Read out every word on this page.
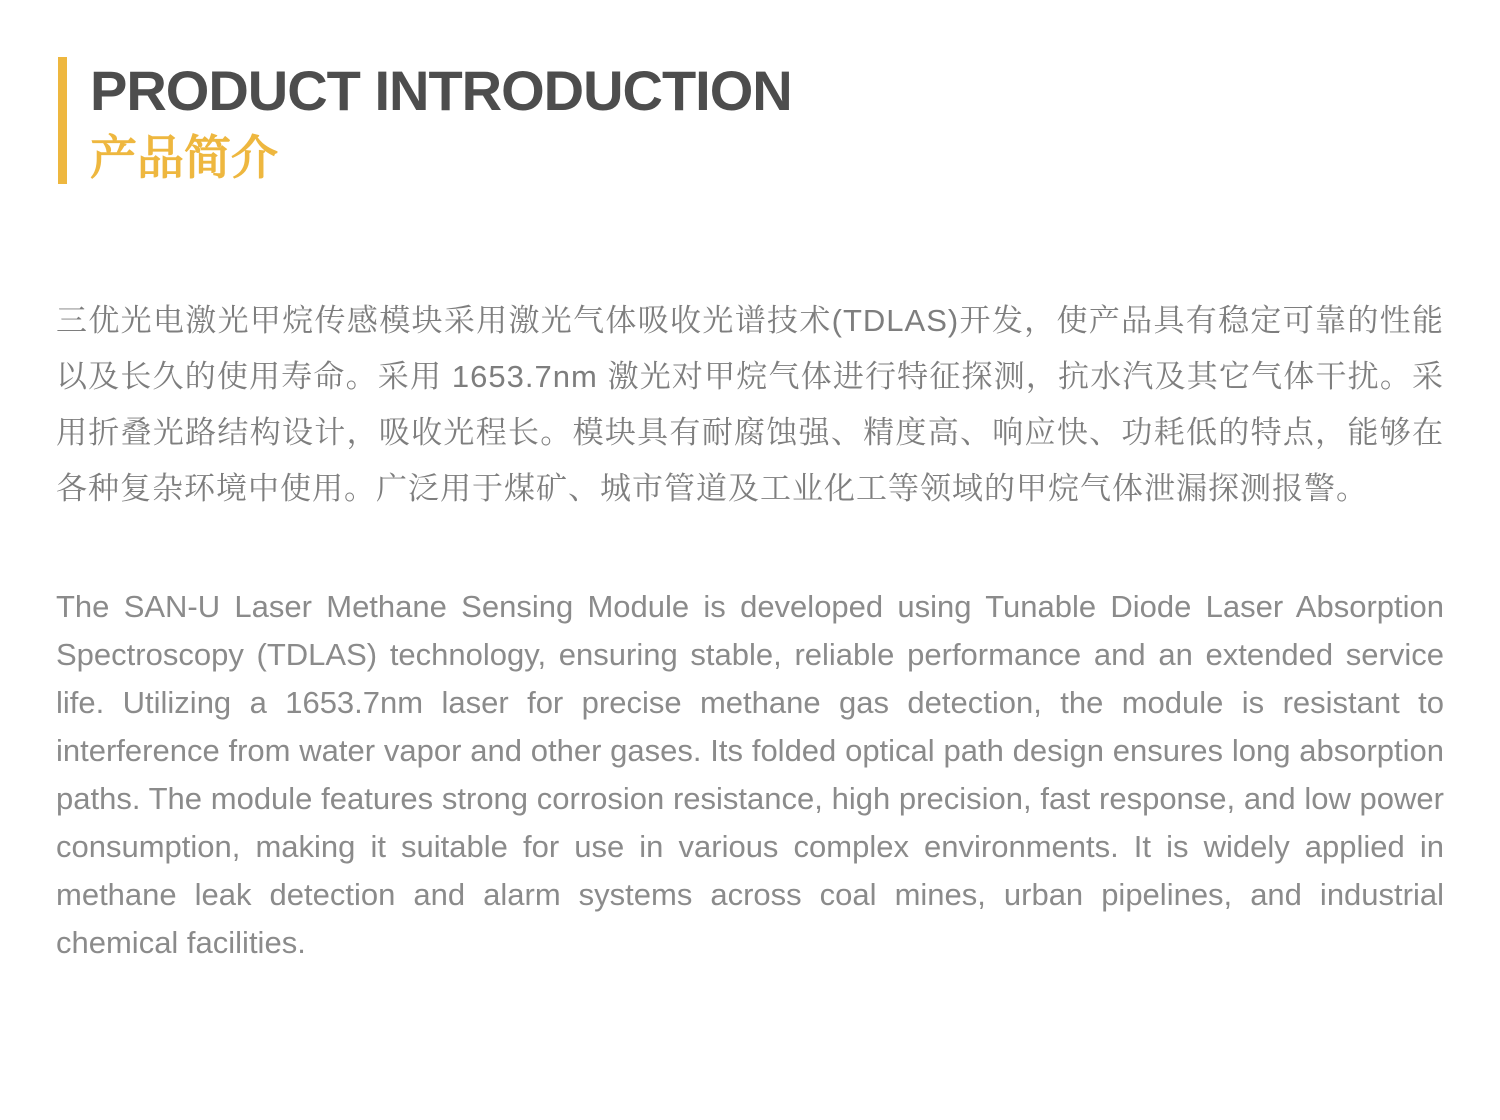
PRODUCT INTRODUCTION
产品简介

三优光电激光甲烷传感模块采用激光气体吸收光谱技术(TDLAS)开发，使产品具有稳定可靠的性能以及长久的使用寿命。采用 1653.7nm 激光对甲烷气体进行特征探测，抗水汽及其它气体干扰。采用折叠光路结构设计，吸收光程长。模块具有耐腐蚀强、精度高、响应快、功耗低的特点，能够在各种复杂环境中使用。广泛用于煤矿、城市管道及工业化工等领域的甲烷气体泄漏探测报警。

The SAN-U Laser Methane Sensing Module is developed using Tunable Diode Laser Absorption Spectroscopy (TDLAS) technology, ensuring stable, reliable performance and an extended service life. Utilizing a 1653.7nm laser for precise methane gas detection, the module is resistant to interference from water vapor and other gases. Its folded optical path design ensures long absorption paths. The module features strong corrosion resistance, high precision, fast response, and low power consumption, making it suitable for use in various complex environments. It is widely applied in methane leak detection and alarm systems across coal mines, urban pipelines, and industrial chemical facilities.
